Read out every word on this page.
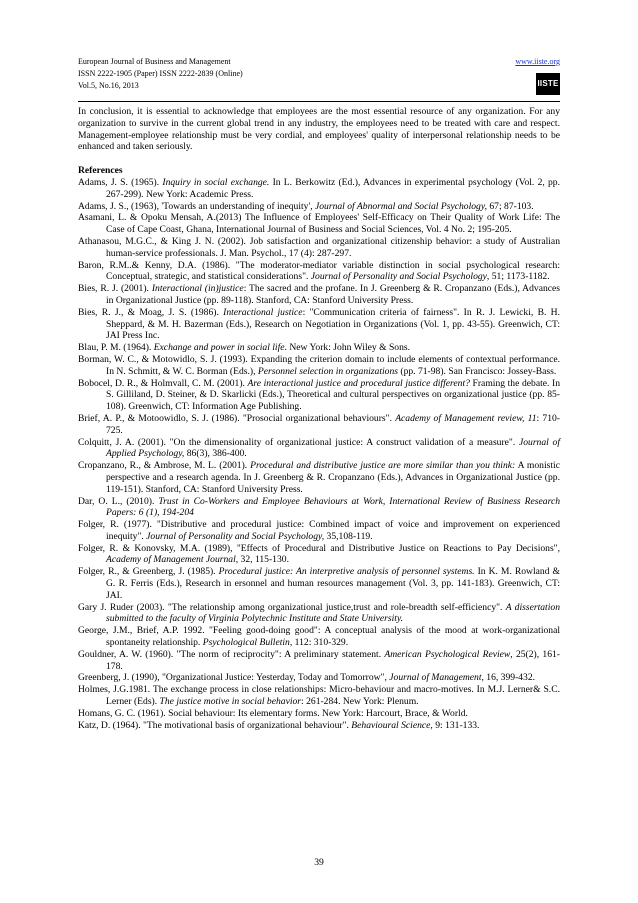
European Journal of Business and Management
ISSN 2222-1905 (Paper) ISSN 2222-2839 (Online)
Vol.5, No.16, 2013
www.iiste.org
IISTE

In conclusion, it is essential to acknowledge that employees are the most essential resource of any organization. For any organization to survive in the current global trend in any industry, the employees need to be treated with care and respect. Management-employee relationship must be very cordial, and employees' quality of interpersonal relationship needs to be enhanced and taken seriously.

References

Adams, J. S. (1965). Inquiry in social exchange. In L. Berkowitz (Ed.), Advances in experimental psychology (Vol. 2, pp. 267-299). New York: Academic Press.

Adams, J. S., (1963), 'Towards an understanding of inequity', Journal of Abnormal and Social Psychology, 67; 87-103.

Asamani, L. & Opoku Mensah, A.(2013) The Influence of Employees' Self-Efficacy on Their Quality of Work Life: The Case of Cape Coast, Ghana, International Journal of Business and Social Sciences, Vol. 4 No. 2; 195-205.

Athanasou, M.G.C., & King J. N. (2002). Job satisfaction and organizational citizenship behavior: a study of Australian human-service professionals. J. Man. Psychol., 17 (4): 287-297.

Baron, R.M..& Kenny, D.A. (1986). "The moderator-mediator variable distinction in social psychological research: Conceptual, strategic, and statistical considerations". Journal of Personality and Social Psychology, 51; 1173-1182.

Bies, R. J. (2001). Interactional (in)justice: The sacred and the profane. In J. Greenberg & R. Cropanzano (Eds.), Advances in Organizational Justice (pp. 89-118). Stanford, CA: Stanford University Press.

Bies, R. J., & Moag, J. S. (1986). Interactional justice: "Communication criteria of fairness". In R. J. Lewicki, B. H. Sheppard, & M. H. Bazerman (Eds.), Research on Negotiation in Organizations (Vol. 1, pp. 43-55). Greenwich, CT: JAI Press Inc.

Blau, P. M. (1964). Exchange and power in social life. New York: John Wiley & Sons.

Borman, W. C., & Motowidlo, S. J. (1993). Expanding the criterion domain to include elements of contextual performance. In N. Schmitt, & W. C. Borman (Eds.), Personnel selection in organizations (pp. 71-98). San Francisco: Jossey-Bass.

Bobocel, D. R., & Holmvall, C. M. (2001). Are interactional justice and procedural justice different? Framing the debate. In S. Gilliland, D. Steiner, & D. Skarlicki (Eds.), Theoretical and cultural perspectives on organizational justice (pp. 85-108). Greenwich, CT: Information Age Publishing.

Brief, A. P., & Motoowidlo, S. J. (1986). "Prosocial organizational behaviours". Academy of Management review, 11: 710-725.

Colquitt, J. A. (2001). "On the dimensionality of organizational justice: A construct validation of a measure". Journal of Applied Psychology, 86(3), 386-400.

Cropanzano, R., & Ambrose, M. L. (2001). Procedural and distributive justice are more similar than you think: A monistic perspective and a research agenda. In J. Greenberg & R. Cropanzano (Eds.), Advances in Organizational Justice (pp. 119-151). Stanford, CA: Stanford University Press.

Dar, O. L., (2010). Trust in Co-Workers and Employee Behaviours at Work, International Review of Business Research Papers: 6 (1), 194-204

Folger, R. (1977). "Distributive and procedural justice: Combined impact of voice and improvement on experienced inequity". Journal of Personality and Social Psychology, 35,108-119.

Folger, R. & Konovsky, M.A. (1989), "Effects of Procedural and Distributive Justice on Reactions to Pay Decisions", Academy of Management Journal, 32, 115-130.

Folger, R., & Greenberg, J. (1985). Procedural justice: An interpretive analysis of personnel systems. In K. M. Rowland & G. R. Ferris (Eds.), Research in ersonnel and human resources management (Vol. 3, pp. 141-183). Greenwich, CT: JAI.

Gary J. Ruder (2003). "The relationship among organizational justice,trust and role-breadth self-efficiency". A dissertation submitted to the faculty of Virginia Polytechnic Institute and State University.

George, J.M., Brief, A.P. 1992. "Feeling good-doing good": A conceptual analysis of the mood at work-organizational spontaneity relationship. Psychological Bulletin, 112: 310-329.

Gouldner, A. W. (1960). "The norm of reciprocity": A preliminary statement. American Psychological Review, 25(2), 161-178.

Greenberg, J. (1990), "Organizational Justice: Yesterday, Today and Tomorrow", Journal of Management, 16, 399-432.

Holmes, J.G.1981. The exchange process in close relationships: Micro-behaviour and macro-motives. In M.J. Lerner& S.C. Lerner (Eds). The justice motive in social behavior: 261-284. New York: Plenum.

Homans, G. C. (1961). Social behaviour: Its elementary forms. New York: Harcourt, Brace, & World.

Katz, D. (1964). "The motivational basis of organizational behaviour". Behavioural Science, 9: 131-133.

39
